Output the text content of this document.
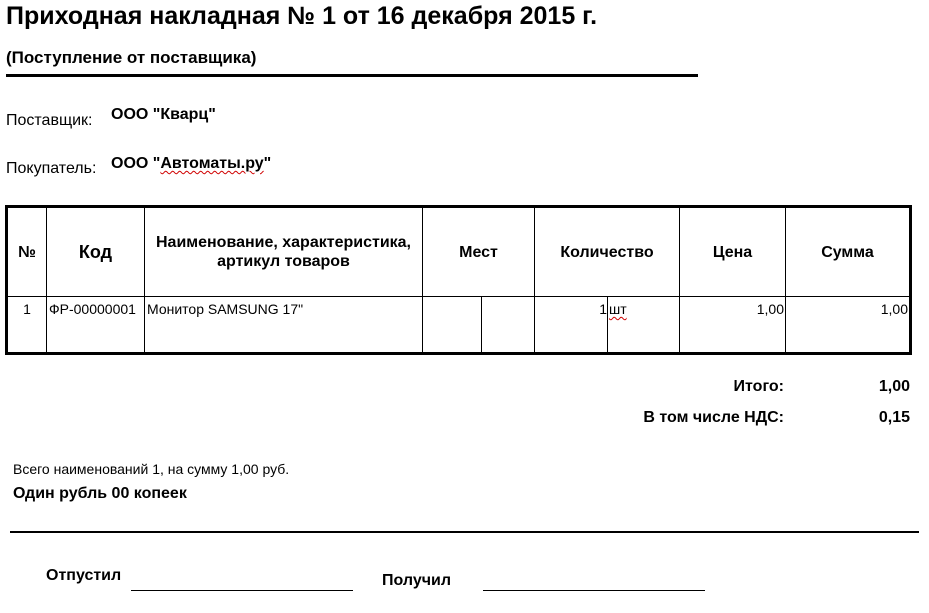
Приходная накладная № 1 от 16 декабря 2015 г.
(Поступление от поставщика)
Поставщик: ООО "Кварц"
Покупатель: ООО "Автоматы.ру"
№	Код	Наименование, характеристика, артикул товаров	Мест		Количество		Цена	Сумма
1	ФР-00000001	Монитор SAMSUNG 17"			1	шт	1,00	1,00
Итого:	1,00
В том числе НДС:	0,15
Всего наименований 1, на сумму 1,00 руб.
Один рубль 00 копеек
Отпустил	Получил
